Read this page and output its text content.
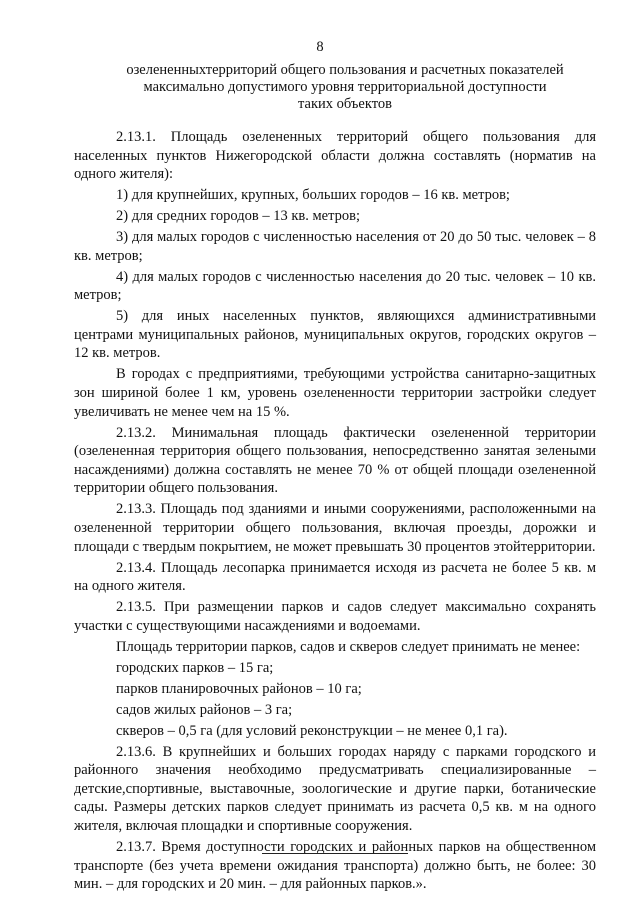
8
озелененныхтерриторий общего пользования и расчетных показателей
максимально допустимого уровня территориальной доступности
таких объектов

2.13.1. Площадь озелененных территорий общего пользования для населенных пунктов Нижегородской области должна составлять (норматив на одного жителя):

1) для крупнейших, крупных, больших городов – 16 кв. метров;

2) для средних городов – 13 кв. метров;

3) для малых городов с численностью населения от 20 до 50 тыс. человек – 8 кв. метров;

4) для малых городов с численностью населения до 20 тыс. человек – 10 кв. метров;

5) для иных населенных пунктов, являющихся административными центрами муниципальных районов, муниципальных округов, городских округов – 12 кв. метров.

В городах с предприятиями, требующими устройства санитарно-защитных зон шириной более 1 км, уровень озелененности территории застройки следует увеличивать не менее чем на 15 %.

2.13.2. Минимальная площадь фактически озелененной территории (озелененная территория общего пользования, непосредственно занятая зелеными насаждениями) должна составлять не менее 70 % от общей площади озелененной территории общего пользования.

2.13.3. Площадь под зданиями и иными сооружениями, расположенными на озелененной территории общего пользования, включая проезды, дорожки и площади с твердым покрытием, не может превышать 30 процентов этойтерритории.

2.13.4. Площадь лесопарка принимается исходя из расчета не более 5 кв. м на одного жителя.

2.13.5. При размещении парков и садов следует максимально сохранять участки с существующими насаждениями и водоемами.

Площадь территории парков, садов и скверов следует принимать не менее:

городских парков – 15 га;

парков планировочных районов – 10 га;

садов жилых районов – 3 га;

скверов – 0,5 га (для условий реконструкции – не менее 0,1 га).

2.13.6. В крупнейших и больших городах наряду с парками городского и районного значения необходимо предусматривать специализированные – детские,спортивные, выставочные, зоологические и другие парки, ботанические сады. Размеры детских парков следует принимать из расчета 0,5 кв. м на одного жителя, включая площадки и спортивные сооружения.

2.13.7. Время доступности городских и районных парков на общественном транспорте (без учета времени ожидания транспорта) должно быть, не более: 30 мин. – для городских и 20 мин. – для районных парков.».
